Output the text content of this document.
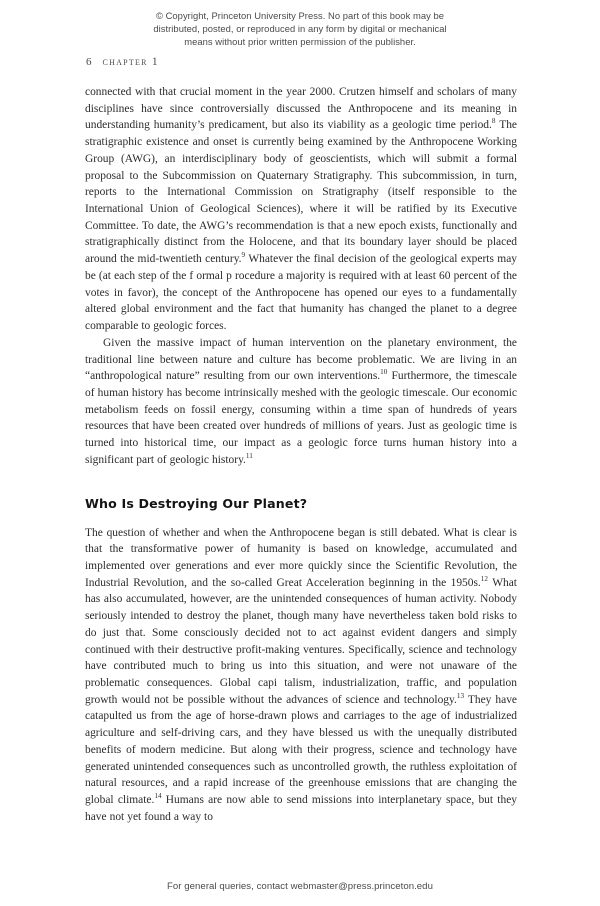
© Copyright, Princeton University Press. No part of this book may be
distributed, posted, or reproduced in any form by digital or mechanical
means without prior written permission of the publisher.
6 chapter 1

connected with that crucial moment in the year 2000. Crutzen himself and scholars of many disciplines have since controversially discussed the Anthropocene and its meaning in understanding humanity’s predicament, but also its viability as a geologic time period.$^8$ The stratigraphic existence and onset is currently being examined by the Anthropocene Working Group (AWG), an interdisciplinary body of geoscientists, which will submit a formal proposal to the Subcommission on Quaternary Stratigraphy. This subcommission, in turn, reports to the International Commission on Stratigraphy (itself responsible to the International Union of Geological Sciences), where it will be ratified by its Executive Committee. To date, the AWG’s recommendation is that a new epoch exists, functionally and stratigraphically distinct from the Holocene, and that its boundary layer should be placed around the mid-twentieth century.$^9$ Whatever the final decision of the geological experts may be (at each step of the f ormal p rocedure a majority is required with at least 60 percent of the votes in favor), the concept of the Anthropocene has opened our eyes to a fundamentally altered global environment and the fact that humanity has changed the planet to a degree comparable to geologic forces.

Given the massive impact of human intervention on the planetary environment, the traditional line between nature and culture has become problematic. We are living in an “anthropological nature” resulting from our own interventions.$^{10}$ Furthermore, the timescale of human history has become intrinsically meshed with the geologic timescale. Our economic metabolism feeds on fossil energy, consuming within a time span of hundreds of years resources that have been created over hundreds of millions of years. Just as geologic time is turned into historical time, our impact as a geologic force turns human history into a significant part of geologic history.$^{11}$

Who Is Destroying Our Planet?

The question of whether and when the Anthropocene began is still debated. What is clear is that the transformative power of humanity is based on knowledge, accumulated and implemented over generations and ever more quickly since the Scientific Revolution, the Industrial Revolution, and the so-called Great Acceleration beginning in the 1950s.$^{12}$ What has also accumulated, however, are the unintended consequences of human activity. Nobody seriously intended to destroy the planet, though many have nevertheless taken bold risks to do just that. Some consciously decided not to act against evident dangers and simply continued with their destructive profit-making ventures. Specifically, science and technology have contributed much to bring us into this situation, and were not unaware of the problematic consequences. Global capi talism, industrialization, traffic, and population growth would not be possible without the advances of science and technology.$^{13}$ They have catapulted us from the age of horse-drawn plows and carriages to the age of industrialized agriculture and self-driving cars, and they have blessed us with the unequally distributed benefits of modern medicine. But along with their progress, science and technology have generated unintended consequences such as uncontrolled growth, the ruthless exploitation of natural resources, and a rapid increase of the greenhouse emissions that are changing the global climate.$^{14}$ Humans are now able to send missions into interplanetary space, but they have not yet found a way to

For general queries, contact webmaster@press.princeton.edu
